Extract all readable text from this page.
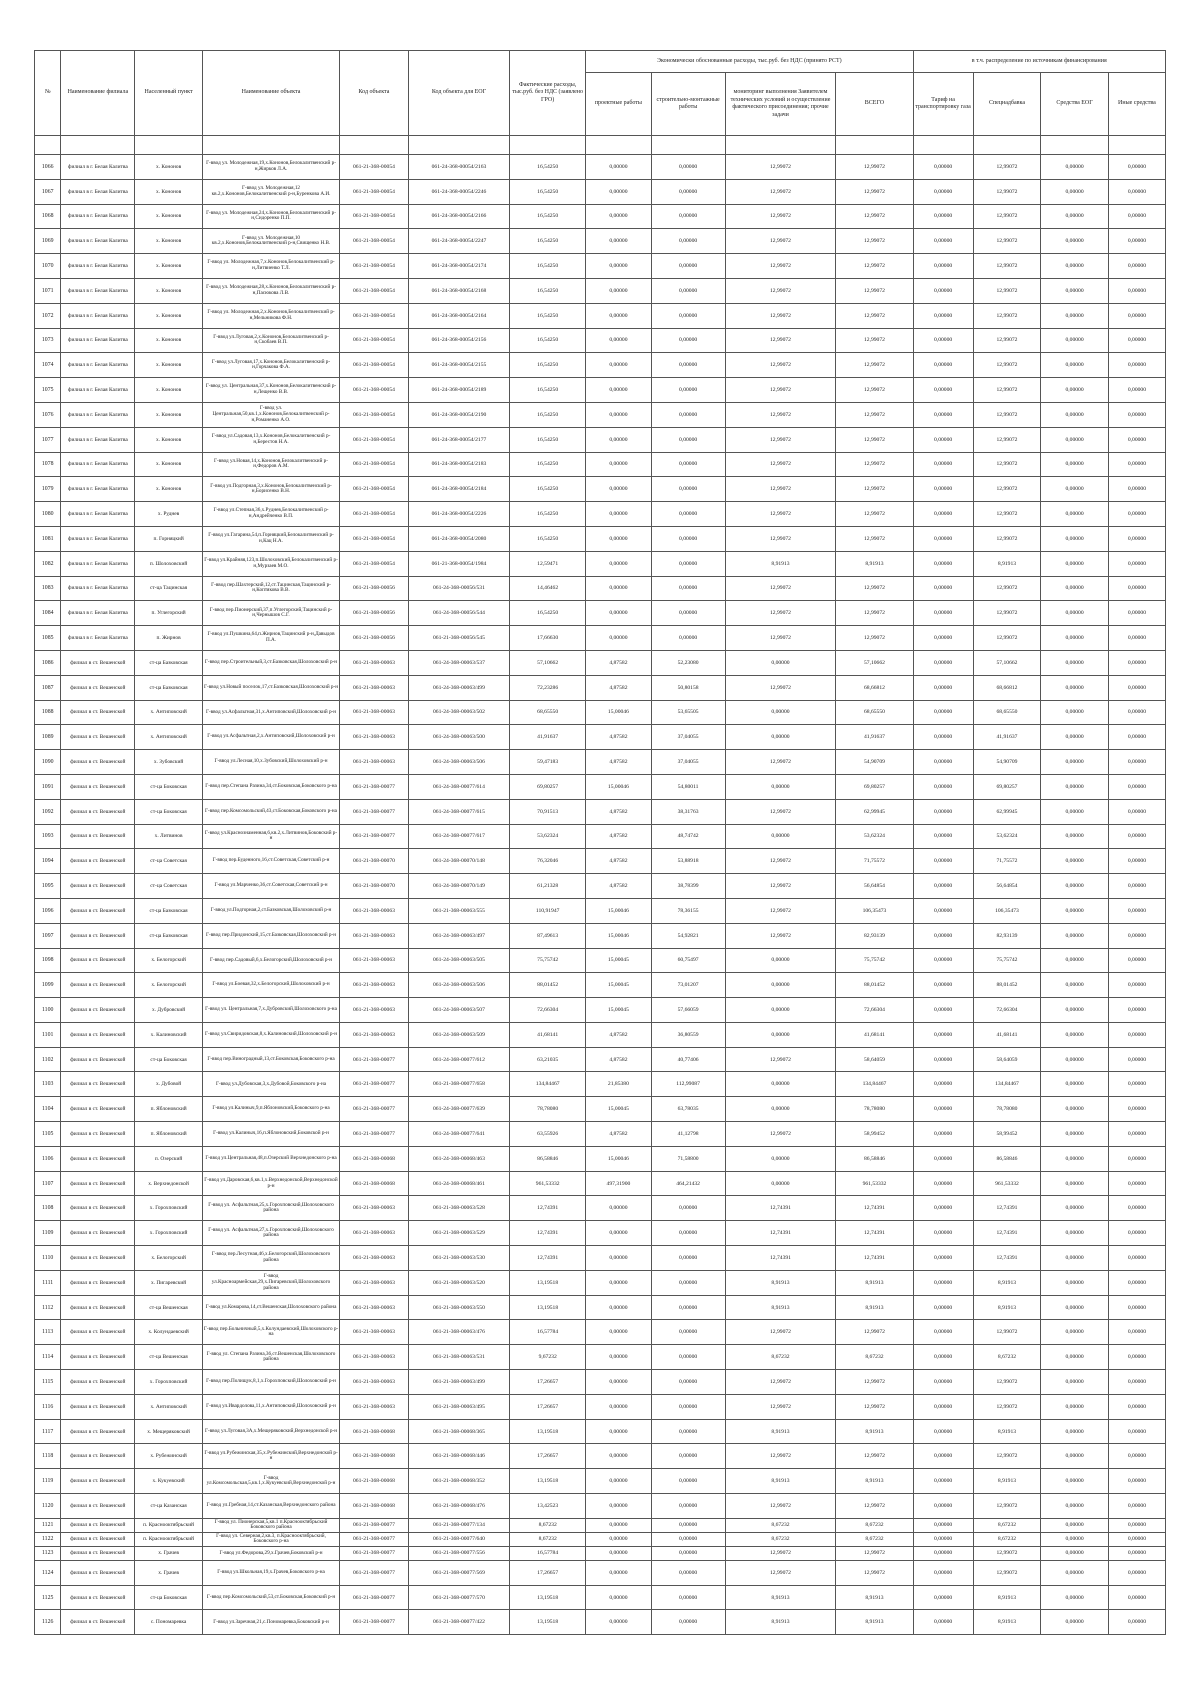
№	Наименование филиала	Населенный пункт	Наименование объекта	Код объекта	Код объекта для ЕОГ	Фактические расходы, тыс.руб. без НДС (заявлено ГРО)	Экономически обоснованные расходы, тыс.руб. без НДС (принято РСТ)				в т.ч. распределение по источникам финансирования			
							проектные работы	строительно-монтажные работы	мониторинг выполнения Заявителем технических условий и осуществление фактического присоединения; прочие задачи	ВСЕГО	Тариф на транспортировку газа	Спецнадбавка	Средства ЕОГ	Иные средства

1066	филиал в г. Белая Калитва	х. Кононов	Г-ввод ул. Молодежная,19,х.Кононов,Белокалитвенский р-н,Жирков Л.А.	061-21-368-00054	061-24-368-00054/2163	16,54250	0,00000	0,00000	12,99072	12,99072	0,00000	12,99072	0,00000	0,00000
1067	филиал в г. Белая Калитва	х. Кононов	Г-ввод ул. Молодежная,12 кв.2,х.Кононов,Белокалитвенский р-н,Буренкова А.И.	061-21-368-00054	061-24-368-00054/2246	16,54250	0,00000	0,00000	12,99072	12,99072	0,00000	12,99072	0,00000	0,00000
1068	филиал в г. Белая Калитва	х. Кононов	Г-ввод ул. Молодежная,24,х.Кононов,Белокалитвенский р-н,Сидоренко П.П.	061-21-368-00054	061-24-368-00054/2166	16,54250	0,00000	0,00000	12,99072	12,99072	0,00000	12,99072	0,00000	0,00000
1069	филиал в г. Белая Калитва	х. Кононов	Г-ввод ул. Молодежная,10 кв.2,х.Кононов,Белокалитвенский р-н,Свищенко Н.В.	061-21-368-00054	061-24-368-00054/2247	16,54250	0,00000	0,00000	12,99072	12,99072	0,00000	12,99072	0,00000	0,00000
1070	филиал в г. Белая Калитва	х. Кононов	Г-ввод ул. Молодежная,7,х.Кононов,Белокалитвенский р-н,Литвиенко Т.Л.	061-21-368-00054	061-24-368-00054/2174	16,54250	0,00000	0,00000	12,99072	12,99072	0,00000	12,99072	0,00000	0,00000
1071	филиал в г. Белая Калитва	х. Кононов	Г-ввод ул. Молодежная,28,х.Кононов,Белокалитвенский р-н,Пасюкова Л.В.	061-21-368-00054	061-24-368-00054/2168	16,54250	0,00000	0,00000	12,99072	12,99072	0,00000	12,99072	0,00000	0,00000
1072	филиал в г. Белая Калитва	х. Кононов	Г-ввод ул. Молодежная,2,х.Кононов,Белокалитвенский р-н,Мельникова Ф.Н.	061-21-368-00054	061-24-368-00054/2164	16,54250	0,00000	0,00000	12,99072	12,99072	0,00000	12,99072	0,00000	0,00000
1073	филиал в г. Белая Калитва	х. Кононов	Г-ввод ул.Луговая,2,х.Кононов,Белокалитвенский р-н,Скобаев В.П.	061-21-368-00054	061-24-368-00054/2156	16,54250	0,00000	0,00000	12,99072	12,99072	0,00000	12,99072	0,00000	0,00000
1074	филиал в г. Белая Калитва	х. Кононов	Г-ввод ул.Луговая,17,х.Кононов,Белокалитвенский р-н,Горчакова Ф.А.	061-21-368-00054	061-24-368-00054/2155	16,54250	0,00000	0,00000	12,99072	12,99072	0,00000	12,99072	0,00000	0,00000
1075	филиал в г. Белая Калитва	х. Кононов	Г-ввод ул. Центральная,37,х.Кононов,Белокалитвенский р-н,Лещенко В.В.	061-21-368-00054	061-24-368-00054/2189	16,54250	0,00000	0,00000	12,99072	12,99072	0,00000	12,99072	0,00000	0,00000
1076	филиал в г. Белая Калитва	х. Кононов	Г-ввод ул. Центральная,50,кв.1,х.Кононов,Белокалитвенский р-н,Романенко А.О.	061-21-368-00054	061-24-368-00054/2190	16,54250	0,00000	0,00000	12,99072	12,99072	0,00000	12,99072	0,00000	0,00000
1077	филиал в г. Белая Калитва	х. Кононов	Г-ввод ул.Садовая,13,х.Кононов,Белокалитвенский р-н,Берестов Н.А.	061-21-368-00054	061-24-368-00054/2177	16,54250	0,00000	0,00000	12,99072	12,99072	0,00000	12,99072	0,00000	0,00000
1078	филиал в г. Белая Калитва	х. Кононов	Г-ввод ул.Новая,14,х.Кононов,Белокалитвенский р-н,Федоров А.М.	061-21-368-00054	061-24-368-00054/2183	16,54250	0,00000	0,00000	12,99072	12,99072	0,00000	12,99072	0,00000	0,00000
1079	филиал в г. Белая Калитва	х. Кононов	Г-ввод ул.Подгорная,3,х.Кононов,Белокалитвенский р-н,Борисенко В.Н.	061-21-368-00054	061-24-368-00054/2184	16,54250	0,00000	0,00000	12,99072	12,99072	0,00000	12,99072	0,00000	0,00000
1080	филиал в г. Белая Калитва	х. Руднев	Г-ввод ул.Степная,36,х.Руднев,Белокалитвенский р-н,Андрейченко В.П.	061-21-368-00054	061-24-368-00054/2226	16,54250	0,00000	0,00000	12,99072	12,99072	0,00000	12,99072	0,00000	0,00000
1081	филиал в г. Белая Калитва	п. Горняцкий	Г-ввод ул.Гагарина,54,п.Горняцкий,Белокалитвенский р-н,Кац Н.А.	061-21-368-00054	061-24-368-00054/2080	16,54250	0,00000	0,00000	12,99072	12,99072	0,00000	12,99072	0,00000	0,00000
1082	филиал в г. Белая Калитва	п. Шолоховский	Г-ввод ул.Крайняя,123,п.Шолоховский,Белокалитвенский р-н,Мурзаев М.О.	061-21-368-00054	061-21-368-00054/1984	12,59471	0,00000	0,00000	8,91913	8,91913	0,00000	8,91913	0,00000	0,00000
1083	филиал в г. Белая Калитва	ст-ца Тацинская	Г-ввод пер.Шахтерский,12,ст.Тацинская,Тацинский р-н,Коптякова В.В.	061-21-368-00056	061-24-368-00056/531	14,46462	0,00000	0,00000	12,99072	12,99072	0,00000	12,99072	0,00000	0,00000
1084	филиал в г. Белая Калитва	п. Углегорский	Г-ввод пер.Пионерский,37,п.Углегорский,Тацинский р-н,Чернышов С.Г.	061-21-368-00056	061-24-368-00056/544	16,54250	0,00000	0,00000	12,99072	12,99072	0,00000	12,99072	0,00000	0,00000
1085	филиал в г. Белая Калитва	п. Жирнов	Г-ввод ул.Пушкина,64,п.Жирнов,Тацинский р-н,Давыдов П.А.	061-21-368-00056	061-21-368-00056/545	17,66630	0,00000	0,00000	12,99072	12,99072	0,00000	12,99072	0,00000	0,00000
1086	филиал в ст. Вешенской	ст-ца Базковская	Г-ввод пер.Строительный,3,ст.Базковская,Шолоховский р-н	061-21-368-00063	061-24-368-00063/537	57,10662	4,87582	52,23080	0,00000	57,10662	0,00000	57,10662	0,00000	0,00000
1087	филиал в ст. Вешенской	ст-ца Базковская	Г-ввод ул.Новый поселок,17,ст.Базковская,Шолоховский р-н	061-21-368-00063	061-24-368-00063/499	72,23286	4,87582	50,80158	12,99072	68,66812	0,00000	68,66812	0,00000	0,00000
1088	филиал в ст. Вешенской	х. Антиповский	Г-ввод ул.Асфальтная,31,х.Антиповский,Шолоховский р-н	061-21-368-00063	061-24-368-00063/502	68,65550	15,00046	53,65505	0,00000	68,65550	0,00000	68,65550	0,00000	0,00000
1089	филиал в ст. Вешенской	х. Антиповский	Г-ввод ул.Асфальтная,2,х.Антиповский,Шолоховский р-н	061-21-368-00063	061-24-368-00063/500	41,91637	4,87582	37,04055	0,00000	41,91637	0,00000	41,91637	0,00000	0,00000
1090	филиал в ст. Вешенской	х. Зубовский	Г-ввод ул.Лесная,10,х.Зубовский,Шолоховский р-н	061-21-368-00063	061-24-368-00063/506	59,47183	4,87582	37,04055	12,99072	54,90709	0,00000	54,90709	0,00000	0,00000
1091	филиал в ст. Вешенской	ст-ца Боковская	Г-ввод пер.Степана Разина,34,ст.Боковская,Боковского р-на	061-21-368-00077	061-24-368-00077/614	69,80257	15,00046	54,80011	0,00000	69,80257	0,00000	69,80257	0,00000	0,00000
1092	филиал в ст. Вешенской	ст-ца Боковская	Г-ввод пер.Комсомольский,43,ст.Боковская,Боковского р-на	061-21-368-00077	061-24-368-00077/615	70,91513	4,87582	38,31763	12,99072	62,99945	0,00000	62,99945	0,00000	0,00000
1093	филиал в ст. Вешенской	х. Литвинов	Г-ввод ул.Краснознаменная,6,кв.2,х.Литвинов,Боковский р-н	061-21-368-00077	061-24-368-00077/617	53,62324	4,87582	48,74742	0,00000	53,62324	0,00000	53,62324	0,00000	0,00000
1094	филиал в ст. Вешенской	ст-ца Советская	Г-ввод пер.Буденного,16,ст.Советская,Советский р-н	061-21-368-00070	061-24-368-00070/148	76,32046	4,87582	53,88918	12,99072	71,75572	0,00000	71,75572	0,00000	0,00000
1095	филиал в ст. Вешенской	ст-ца Советская	Г-ввод ул.Марченко,36,ст.Советская,Советский р-н	061-21-368-00070	061-24-368-00070/149	61,21328	4,87582	38,78399	12,99072	56,64854	0,00000	56,64854	0,00000	0,00000
1096	филиал в ст. Вешенской	ст-ца Базковская	Г-ввод ул.Подгорная,2,ст.Базковская,Шолоховский р-н	061-21-368-00063	061-21-368-00063/555	110,91947	15,00046	78,36155	12,99072	106,35473	0,00000	106,35473	0,00000	0,00000
1097	филиал в ст. Вешенской	ст-ца Базковская	Г-ввод пер.Придонский,15,ст.Базковская,Шолоховский р-н	061-21-368-00063	061-24-368-00063/497	87,49613	15,00046	54,92821	12,99072	82,93139	0,00000	82,93139	0,00000	0,00000
1098	филиал в ст. Вешенской	х. Белогорский	Г-ввод пер.Садовый,6,х.Белогорский,Шолоховский р-н	061-21-368-00063	061-24-368-00063/505	75,75742	15,00045	60,75497	0,00000	75,75742	0,00000	75,75742	0,00000	0,00000
1099	филиал в ст. Вешенской	х. Белогорский	Г-ввод ул.Боевая,32,х.Белогорский,Шолоховский р-н	061-21-368-00063	061-24-368-00063/506	88,01452	15,00045	73,01207	0,00000	88,01452	0,00000	88,01452	0,00000	0,00000
1100	филиал в ст. Вешенской	х. Дубровский	Г-ввод ул. Центральная,7,х.Дубровский,Шолоховского р-на	061-21-368-00063	061-24-368-00063/507	72,66304	15,00045	57,66059	0,00000	72,66304	0,00000	72,66304	0,00000	0,00000
1101	филиал в ст. Вешенской	х. Калиновский	Г-ввод ул.Свиридовская,8,х.Калиновский,Шолоховский р-н	061-21-368-00063	061-24-368-00063/509	41,68141	4,87582	36,80559	0,00000	41,68141	0,00000	41,68141	0,00000	0,00000
1102	филиал в ст. Вешенской	ст-ца Боковская	Г-ввод пер.Виноградный,13,ст.Боковская,Боковского р-на	061-21-368-00077	061-24-368-00077/612	63,21035	4,87582	40,77406	12,99072	58,64059	0,00000	58,64059	0,00000	0,00000
1103	филиал в ст. Вешенской	х. Дубовой	Г-ввод ул.Дубовская,3,х.Дубовой,Боковского р-на	061-21-368-00077	061-21-368-00077/658	134,84467	21,85380	112,99087	0,00000	134,84467	0,00000	134,84467	0,00000	0,00000
1104	филиал в ст. Вешенской	п. Яблоновский	Г-ввод ул.Калиныч,9,п.Яблоновский,Боковского р-на	061-21-368-00077	061-24-368-00077/639	78,78080	15,00045	63,78035	0,00000	78,78080	0,00000	78,78080	0,00000	0,00000
1105	филиал в ст. Вешенской	п. Яблоновский	Г-ввод ул.Калиныч,16,п.Яблоновский,Боковской р-н	061-21-368-00077	061-24-368-00077/641	63,55926	4,87582	41,12798	12,99072	58,99452	0,00000	58,99452	0,00000	0,00000
1106	филиал в ст. Вешенской	п. Озерский	Г-ввод ул.Центральная,48,п.Озерский Верхнедонского р-на	061-21-368-00068	061-24-368-00068/463	86,58846	15,00046	71,58800	0,00000	86,58846	0,00000	86,58846	0,00000	0,00000
1107	филиал в ст. Вешенской	х. Верхнедонской	Г-ввод ул.Даровская,6,кв.1,х.Верхнедонской,Верхнедонской р-н	061-21-368-00068	061-24-368-00068/461	961,53332	497,31900	464,21432	0,00000	961,53332	0,00000	961,53332	0,00000	0,00000
1108	филиал в ст. Вешенской	х. Горохповский	Г-ввод ул. Асфальтная,25,х.Горохповский,Шолоховского района	061-21-368-00063	061-21-368-00063/528	12,74391	0,00000	0,00000	12,74391	12,74391	0,00000	12,74391	0,00000	0,00000
1109	филиал в ст. Вешенской	х. Горохповский	Г-ввод ул. Асфальтная,27,х.Горохповский,Шолоховского района	061-21-368-00063	061-21-368-00063/529	12,74391	0,00000	0,00000	12,74391	12,74391	0,00000	12,74391	0,00000	0,00000
1110	филиал в ст. Вешенской	х. Белогорский	Г-ввод пер.Лесутная,46,х.Белогорский,Шолоховского района	061-21-368-00063	061-21-368-00063/530	12,74391	0,00000	0,00000	12,74391	12,74391	0,00000	12,74391	0,00000	0,00000
1111	филиал в ст. Вешенской	х. Пигаревский	Г-ввод ул.Красноармейская,29,х.Пигаревский,Шолоховского района	061-21-368-00063	061-21-368-00063/520	13,19518	0,00000	0,00000	8,91913	8,91913	0,00000	8,91913	0,00000	0,00000
1112	филиал в ст. Вешенской	ст-ца Вешенская	Г-ввод ул.Комарова,14,ст.Вешенская,Шолоховского района	061-21-368-00063	061-21-368-00063/550	13,19518	0,00000	0,00000	8,91913	8,91913	0,00000	8,91913	0,00000	0,00000
1113	филиал в ст. Вешенской	х. Колундаевский	Г-ввод пер.Больничный,5,х.Колундаевский,Шолоховского р-на	061-21-368-00063	061-21-368-00063/476	16,57784	0,00000	0,00000	12,99072	12,99072	0,00000	12,99072	0,00000	0,00000
1114	филиал в ст. Вешенской	ст-ца Вешенская	Г-ввод ул. Степана Разина,36,ст.Вешенская,Шолоховского района	061-21-368-00063	061-21-368-00063/531	9,67232	0,00000	0,00000	8,67232	8,67232	0,00000	8,67232	0,00000	0,00000
1115	филиал в ст. Вешенской	х. Горохповский	Г-ввод пер.Полищук,8,1,х.Горохповский,Шолоховский р-н	061-21-368-00063	061-21-368-00063/499	17,26657	0,00000	0,00000	12,99072	12,99072	0,00000	12,99072	0,00000	0,00000
1116	филиал в ст. Вешенской	х. Антиповский	Г-ввод ул.Ивардолова,11,х.Антиповский,Шолоховский р-н	061-21-368-00063	061-21-368-00063/495	17,26657	0,00000	0,00000	12,99072	12,99072	0,00000	12,99072	0,00000	0,00000
1117	филиал в ст. Вешенской	х. Мещеряковский	Г-ввод ул.Луговая,3А,х.Мещеряковский,Верхнедонской р-н	061-21-368-00068	061-21-368-00068/365	13,19518	0,00000	0,00000	8,91913	8,91913	0,00000	8,91913	0,00000	0,00000
1118	филиал в ст. Вешенской	х. Рубежинский	Г-ввод ул.Рубежинская,35,х.Рубежинский,Верхнедонской р-н	061-21-368-00068	061-21-368-00068/446	17,26657	0,00000	0,00000	12,99072	12,99072	0,00000	12,99072	0,00000	0,00000
1119	филиал в ст. Вешенской	х. Кукуевский	Г-ввод ул.Комсомольская,5,кв.1,х.Кукуевский,Верхнедонской р-н	061-21-368-00068	061-21-368-00068/352	13,19518	0,00000	0,00000	8,91913	8,91913	0,00000	8,91913	0,00000	0,00000
1120	филиал в ст. Вешенской	ст-ца Казанская	Г-ввод ул.Гребная,14,ст.Казанская,Верхнедонского района	061-21-368-00068	061-21-368-00068/476	13,42523	0,00000	0,00000	12,99072	12,99072	0,00000	12,99072	0,00000	0,00000
1121	филиал в ст. Вешенской	п. Краснооктябрьский	Г-ввод ул. Пионерская,5,кв.1 п.Краснооктябрьский Боковского района	061-21-368-00077	061-21-368-00077/134	8,67232	0,00000	0,00000	8,67232	8,67232	0,00000	8,67232	0,00000	0,00000
1122	филиал в ст. Вешенской	п. Краснооктябрьский	Г-ввод ул. Северная,2,кв.3, п.Краснооктябрьский, Боковского р-на	061-21-368-00077	061-21-368-00077/640	8,67232	0,00000	0,00000	8,67232	8,67232	0,00000	8,67232	0,00000	0,00000
1123	филиал в ст. Вешенской	х. Грачев	Г-ввод ул.Федорова,29,х.Грачев,Боковский р-н	061-21-368-00077	061-21-368-00077/556	16,57784	0,00000	0,00000	12,99072	12,99072	0,00000	12,99072	0,00000	0,00000
1124	филиал в ст. Вешенской	х. Грачев	Г-ввод ул.Школьная,19,х.Грачев,Боковского р-на	061-21-368-00077	061-21-368-00077/569	17,26657	0,00000	0,00000	12,99072	12,99072	0,00000	12,99072	0,00000	0,00000
1125	филиал в ст. Вешенской	ст-ца Боковская	Г-ввод пер.Комсомольский,53,ст.Боковская,Боковский р-н	061-21-368-00077	061-21-368-00077/570	13,19518	0,00000	0,00000	8,91913	8,91913	0,00000	8,91913	0,00000	0,00000
1126	филиал в ст. Вешенской	с. Пономаревка	Г-ввод ул.Заречная,21,с.Пономаревка,Боковский р-н	061-21-368-00077	061-21-368-00077/422	13,19518	0,00000	0,00000	8,91913	8,91913	0,00000	8,91913	0,00000	0,00000
